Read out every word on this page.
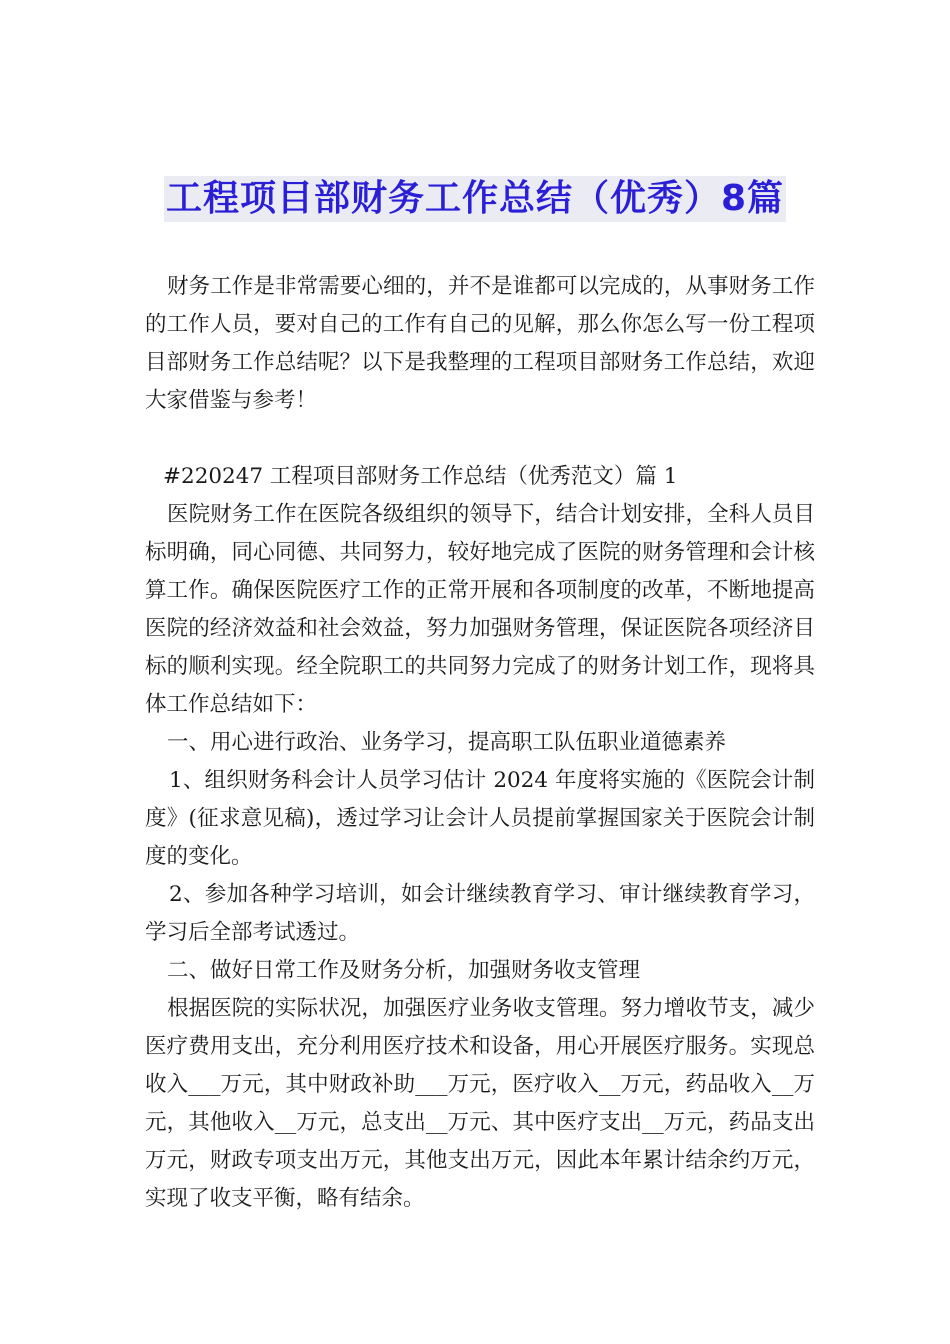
工程项目部财务工作总结（优秀）8篇

财务工作是非常需要心细的，并不是谁都可以完成的，从事财务工作的工作人员，要对自己的工作有自己的见解，那么你怎么写一份工程项目部财务工作总结呢？以下是我整理的工程项目部财务工作总结，欢迎大家借鉴与参考！

#220247 工程项目部财务工作总结（优秀范文）篇 1

医院财务工作在医院各级组织的领导下，结合计划安排，全科人员目标明确，同心同德、共同努力，较好地完成了医院的财务管理和会计核算工作。确保医院医疗工作的正常开展和各项制度的改革，不断地提高医院的经济效益和社会效益，努力加强财务管理，保证医院各项经济目标的顺利实现。经全院职工的共同努力完成了的财务计划工作，现将具体工作总结如下：

一、用心进行政治、业务学习，提高职工队伍职业道德素养

1、组织财务科会计人员学习估计 2024 年度将实施的《医院会计制度》(征求意见稿)，透过学习让会计人员提前掌握国家关于医院会计制度的变化。

2、参加各种学习培训，如会计继续教育学习、审计继续教育学习，学习后全部考试透过。

二、做好日常工作及财务分析，加强财务收支管理

根据医院的实际状况，加强医疗业务收支管理。努力增收节支，减少医疗费用支出，充分利用医疗技术和设备，用心开展医疗服务。实现总收入___万元，其中财政补助___万元，医疗收入__万元，药品收入__万元，其他收入__万元，总支出__万元、其中医疗支出__万元，药品支出万元，财政专项支出万元，其他支出万元，因此本年累计结余约万元，实现了收支平衡，略有结余。
